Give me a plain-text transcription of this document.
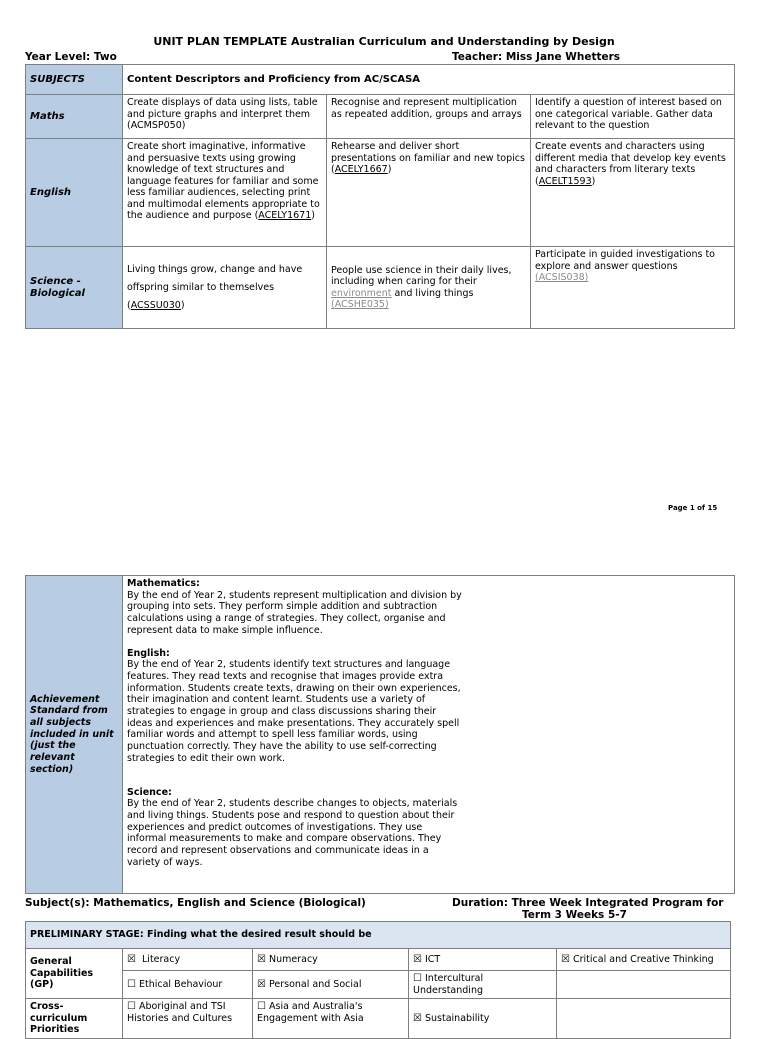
UNIT PLAN TEMPLATE Australian Curriculum and Understanding by Design
Year Level: Two	Teacher: Miss Jane Whetters
SUBJECTS	Content Descriptors and Proficiency from AC/SCASA		
Maths	Create displays of data using lists, table and picture graphs and interpret them (ACMSP050)	Recognise and represent multiplication as repeated addition, groups and arrays	Identify a question of interest based on one categorical variable. Gather data relevant to the question
English	Create short imaginative, informative and persuasive texts using growing knowledge of text structures and language features for familiar and some less familiar audiences, selecting print and multimodal elements appropriate to the audience and purpose (ACELY1671)	Rehearse and deliver short presentations on familiar and new topics (ACELY1667)	Create events and characters using different media that develop key events and characters from literary texts (ACELT1593)
Science - Biological	Living things grow, change and have offspring similar to themselves (ACSSU030)	People use science in their daily lives, including when caring for their environment and living things (ACSHE035)	Participate in guided investigations to explore and answer questions (ACSIS038)
Page 1 of 15
Achievement Standard from all subjects included in unit (just the relevant section)	
Mathematics:
By the end of Year 2, students represent multiplication and division by grouping into sets. They perform simple addition and subtraction calculations using a range of strategies. They collect, organise and represent data to make simple influence.
English:
By the end of Year 2, students identify text structures and language features. They read texts and recognise that images provide extra
information. Students create texts, drawing on their own experiences, their imagination and content learnt. Students use a variety of strategies to engage in group and class discussions sharing their ideas and experiences and make presentations. They accurately spell familiar words and attempt to spell less familiar words, using punctuation correctly. They have the ability to use self-correcting strategies to edit their own work.
Science:
By the end of Year 2, students describe changes to objects, materials and living things. Students pose and respond to question about their experiences and predict outcomes of investigations. They use informal measurements to make and compare observations. They record and represent observations and communicate ideas in a variety of ways.
Subject(s): Mathematics, English and Science (Biological)	Duration: Three Week Integrated Program for
Term 3 Weeks 5-7
PRELIMINARY STAGE: Finding what the desired result should be				
General Capabilities (GP)	☒ Literacy	☒ Numeracy	☒ ICT	☒ Critical and Creative Thinking
	☐ Ethical Behaviour	☒ Personal and Social	☐ Intercultural Understanding	
Cross-curriculum Priorities	☐ Aboriginal and TSI Histories and Cultures	☐ Asia and Australia's Engagement with Asia	☒ Sustainability	
